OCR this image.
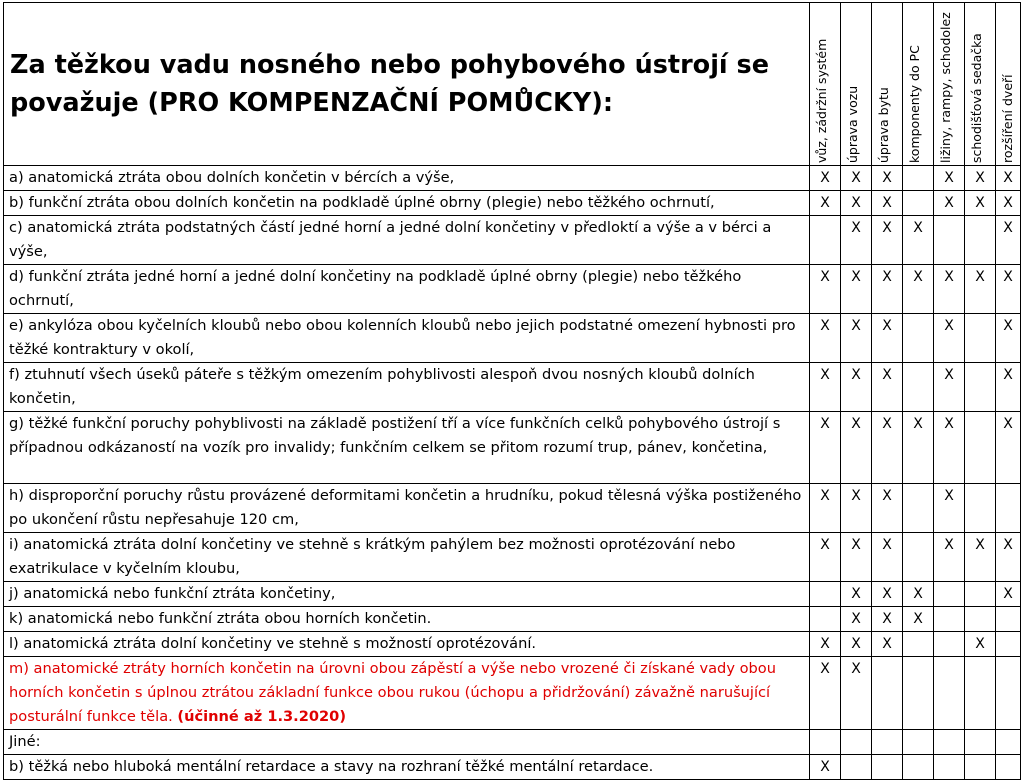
Za těžkou vadu nosného nebo pohybového ústrojí se považuje (PRO KOMPENZAČNÍ POMŮCKY):	vůz, zádržní systém	úprava vozu	úprava bytu	komponenty do PC	ližiny, rampy, schodolez	schodišťová sedačka	rozšíření dveří

a) anatomická ztráta obou dolních končetin v bércích a výše,	X	X	X		X	X	X
b) funkční ztráta obou dolních končetin na podkladě úplné obrny (plegie) nebo těžkého ochrnutí,	X	X	X		X	X	X
c) anatomická ztráta podstatných částí jedné horní a jedné dolní končetiny v předloktí a výše a v bérci a výše,		X	X	X			X
d) funkční ztráta jedné horní a jedné dolní končetiny na podkladě úplné obrny (plegie) nebo těžkého ochrnutí,	X	X	X	X	X	X	X
e) ankylóza obou kyčelních kloubů nebo obou kolenních kloubů nebo jejich podstatné omezení hybnosti pro těžké kontraktury v okolí,	X	X	X		X		X
f) ztuhnutí všech úseků páteře s těžkým omezením pohyblivosti alespoň dvou nosných kloubů dolních končetin,	X	X	X		X		X
g) těžké funkční poruchy pohyblivosti na základě postižení tří a více funkčních celků pohybového ústrojí s případnou odkázaností na vozík pro invalidy; funkčním celkem se přitom rozumí trup, pánev, končetina,	X	X	X	X	X		X
h) disproporční poruchy růstu provázené deformitami končetin a hrudníku, pokud tělesná výška postiženého po ukončení růstu nepřesahuje 120 cm,	X	X	X		X		
i) anatomická ztráta dolní končetiny ve stehně s krátkým pahýlem bez možnosti oprotézování nebo exatrikulace v kyčelním kloubu,	X	X	X		X	X	X
j) anatomická nebo funkční ztráta končetiny,		X	X	X			X
k) anatomická nebo funkční ztráta obou horních končetin.		X	X	X			
l) anatomická ztráta dolní končetiny ve stehně s možností oprotézování.	X	X	X			X	
m) anatomické ztráty horních končetin na úrovni obou zápěstí a výše nebo vrozené či získané vady obou horních končetin s úplnou ztrátou základní funkce obou rukou (úchopu a přidržování) závažně narušující posturální funkce těla. (účinné až 1.3.2020)	X	X					
Jiné:							
b) těžká nebo hluboká mentální retardace a stavy na rozhraní těžké mentální retardace.	X						
